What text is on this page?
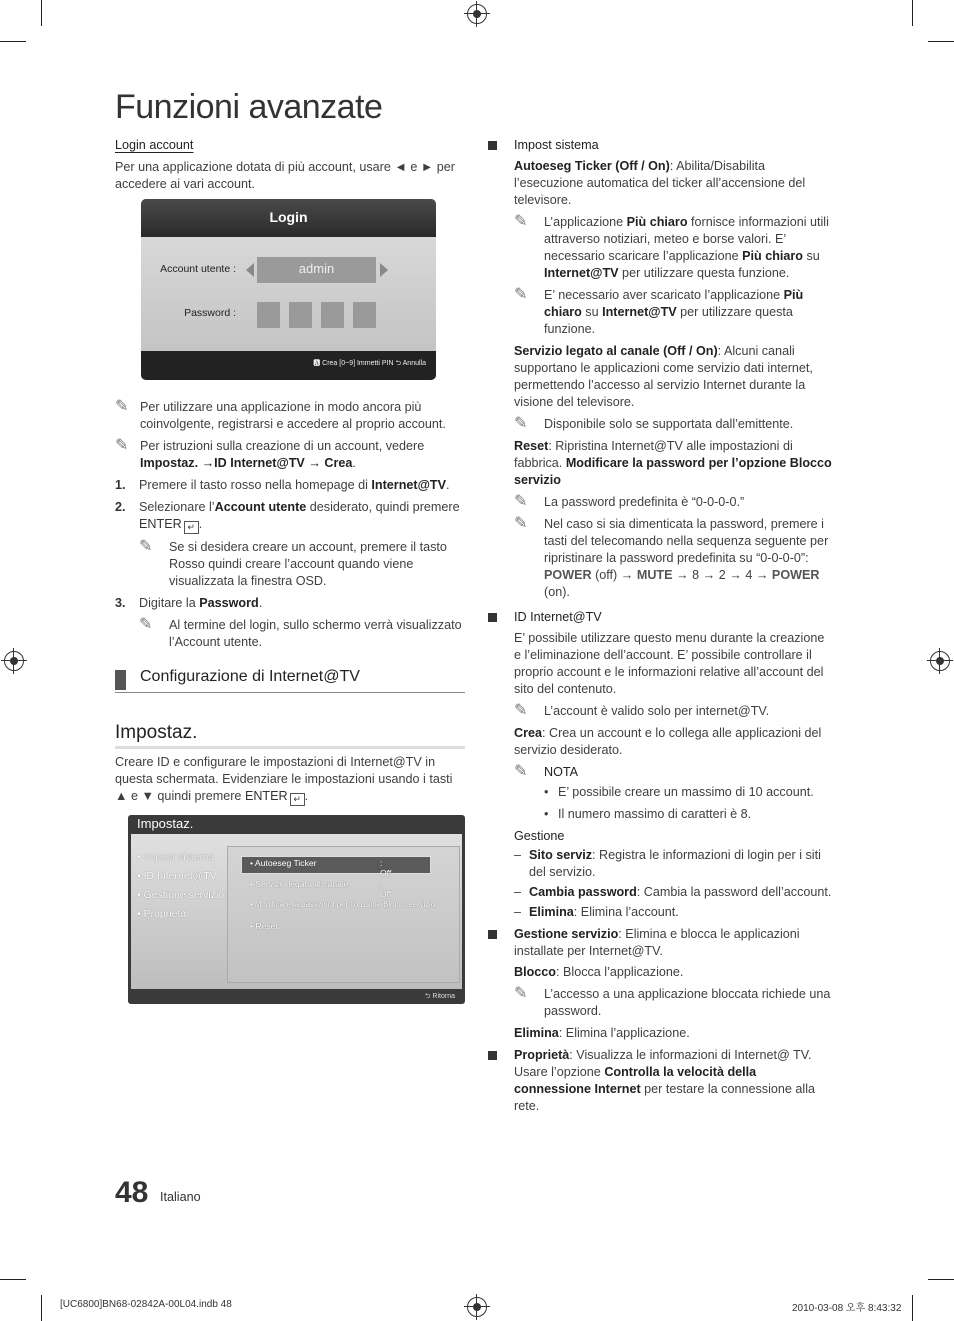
Funzioni avanzate

Login account

Per una applicazione dotata di più account, usare ◄ e ► per accedere ai vari account.

Login
Account utente :	admin
Password :
🅰 Crea [0~9] Immetti PIN ⮌ Annulla

✎ Per utilizzare una applicazione in modo ancora più coinvolgente, registrarsi e accedere al proprio account.

✎ Per istruzioni sulla creazione di un account, vedere Impostaz. →ID Internet@TV → Crea.

1. Premere il tasto rosso nella homepage di Internet@TV.

2. Selezionare l’Account utente desiderato, quindi premere ENTER ↵ .

✎ Se si desidera creare un account, premere il tasto Rosso quindi creare l’account quando viene visualizzata la finestra OSD.

3. Digitare la Password.

✎ Al termine del login, sullo schermo verrà visualizzato l’Account utente.

Configurazione di Internet@TV
Impostaz.

Creare ID e configurare le impostazioni di Internet@TV in questa schermata. Evidenziare le impostazioni usando i tasti ▲ e ▼ quindi premere ENTER ↵ .

Impostaz.
• Impost sistema
• ID Internet@TV
• Gestione servizio
• Proprietà
• Autoeseg Ticker	: Off
• Servizio legato al canale	: Off
• Modificare la password per l’opzione Blocco servizio
• Reset
⮌ Ritorna

Impost sistema

Autoeseg Ticker (Off / On): Abilita/Disabilita l’esecuzione automatica del ticker all’accensione del televisore.

✎ L’applicazione Più chiaro fornisce informazioni utili attraverso notiziari, meteo e borse valori. E’ necessario scaricare l’applicazione Più chiaro su Internet@TV per utilizzare questa funzione.

✎ E’ necessario aver scaricato l’applicazione Più chiaro su Internet@TV per utilizzare questa funzione.

Servizio legato al canale (Off / On): Alcuni canali supportano le applicazioni come servizio dati internet, permettendo l’accesso al servizio Internet durante la visione del televisore.

✎ Disponibile solo se supportata dall’emittente.

Reset: Ripristina Internet@TV alle impostazioni di fabbrica. Modificare la password per l’opzione Blocco servizio

✎ La password predefinita è “0-0-0-0.”

✎ Nel caso si sia dimenticata la password, premere i tasti del telecomando nella sequenza seguente per ripristinare la password predefinita su “0-0-0-0”: POWER (off) → MUTE → 8 → 2 → 4 → POWER (on).

ID Internet@TV

E’ possibile utilizzare questo menu durante la creazione e l’eliminazione dell’account. E’ possibile controllare il proprio account e le informazioni relative all’account del sito del contenuto.

✎ L’account è valido solo per internet@TV.

Crea: Crea un account e lo collega alle applicazioni del servizio desiderato.

✎ NOTA

• E’ possibile creare un massimo di 10 account.

• Il numero massimo di caratteri è 8.

Gestione

– Sito serviz: Registra le informazioni di login per i siti del servizio.

– Cambia password: Cambia la password dell’account.

– Elimina: Elimina l’account.

Gestione servizio: Elimina e blocca le applicazioni installate per Internet@TV.

Blocco: Blocca l’applicazione.

✎ L’accesso a una applicazione bloccata richiede una password.

Elimina: Elimina l’applicazione.

Proprietà: Visualizza le informazioni di Internet@ TV. Usare l’opzione Controlla la velocità della connessione Internet per testare la connessione alla rete.

48 Italiano
[UC6800]BN68-02842A-00L04.indb 48	2010-03-08 오후 8:43:32
